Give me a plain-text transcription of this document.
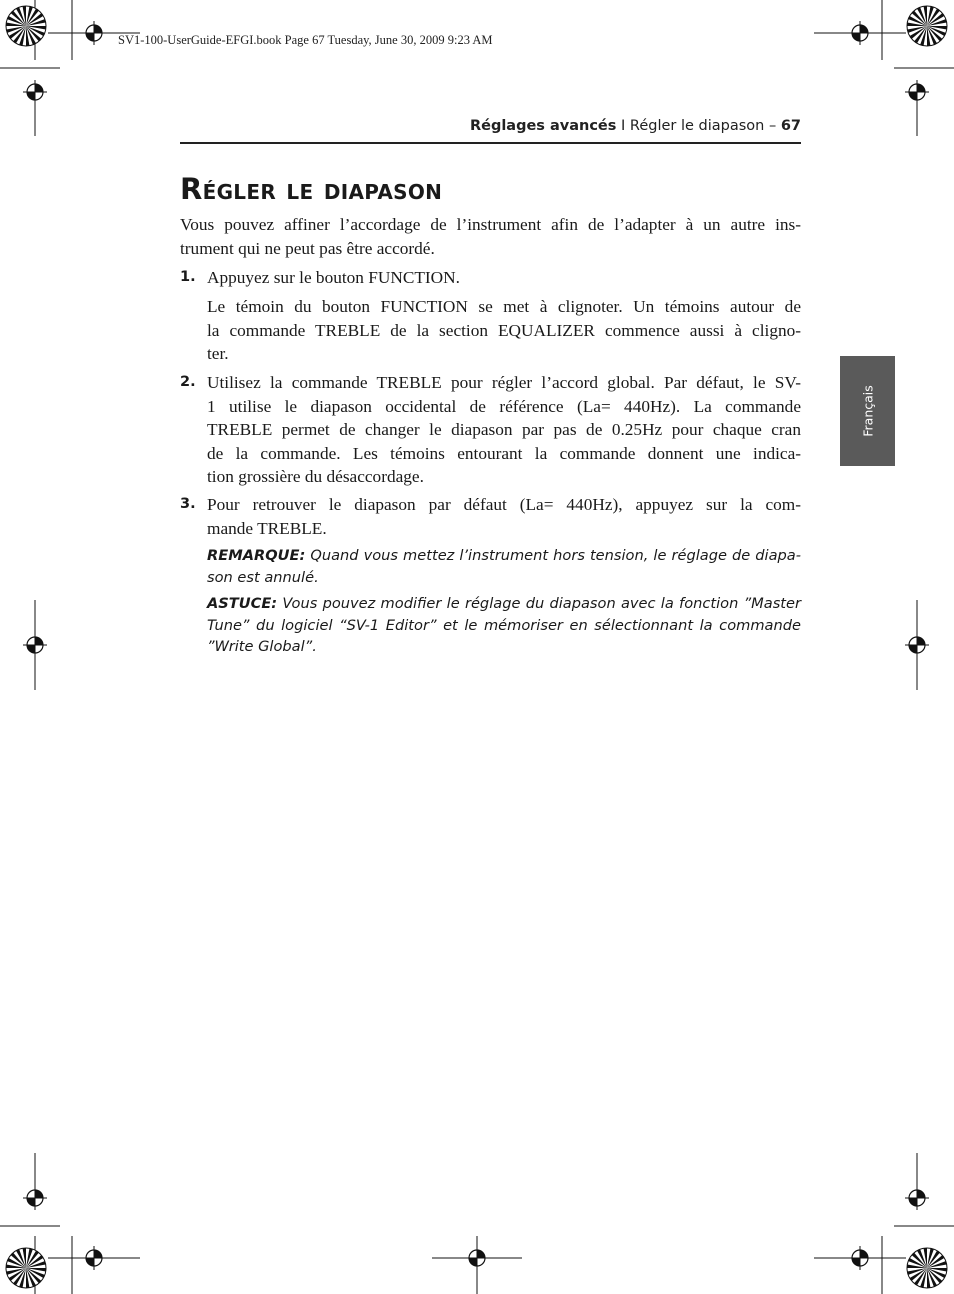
SV1-100-UserGuide-EFGI.book Page 67 Tuesday, June 30, 2009 9:23 AM
Réglages avancés I Régler le diapason – 67
Régler le diapason
Vous pouvez affiner l’accordage de l’instrument afin de l’adapter à un autre ins-
trument qui ne peut pas être accordé.
1. Appuyez sur le bouton FUNCTION.
Le témoin du bouton FUNCTION se met à clignoter. Un témoins autour de
la commande TREBLE de la section EQUALIZER commence aussi à cligno-
ter.
2. Utilisez la commande TREBLE pour régler l’accord global. Par défaut, le SV-
1 utilise le diapason occidental de référence (La= 440Hz). La commande
TREBLE permet de changer le diapason par pas de 0.25Hz pour chaque cran
de la commande. Les témoins entourant la commande donnent une indica-
tion grossière du désaccordage.
3. Pour retrouver le diapason par défaut (La= 440Hz), appuyez sur la com-
mande TREBLE.
REMARQUE: Quand vous mettez l’instrument hors tension, le réglage de diapa-
son est annulé.
ASTUCE: Vous pouvez modifier le réglage du diapason avec la fonction ”Master
Tune” du logiciel “SV-1 Editor” et le mémoriser en sélectionnant la commande
”Write Global”.
Français
